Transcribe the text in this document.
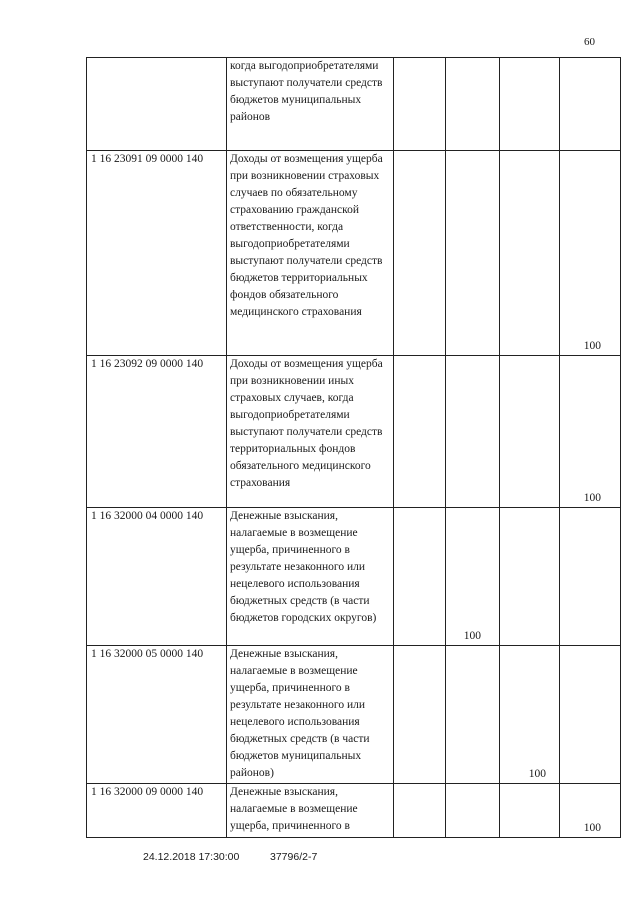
60
	когда выгодоприобретателями выступают получатели средств бюджетов муниципальных районов				
1 16 23091 09 0000 140	Доходы от возмещения ущерба при возникновении страховых случаев по обязательному страхованию гражданской ответственности, когда выгодоприобретателями выступают получатели средств бюджетов территориальных фондов обязательного медицинского страхования				100
1 16 23092 09 0000 140	Доходы от возмещения ущерба при возникновении иных страховых случаев, когда выгодоприобретателями выступают получатели средств территориальных фондов обязательного медицинского страхования				100
1 16 32000 04 0000 140	Денежные взыскания, налагаемые в возмещение ущерба, причиненного в результате незаконного или нецелевого использования бюджетных средств (в части бюджетов городских округов)		100		
1 16 32000 05 0000 140	Денежные взыскания, налагаемые в возмещение ущерба, причиненного в результате незаконного или нецелевого использования бюджетных средств (в части бюджетов муниципальных районов)			100	
1 16 32000 09 0000 140	Денежные взыскания, налагаемые в возмещение ущерба, причиненного в				100
24.12.2018 17:30:00	37796/2-7
